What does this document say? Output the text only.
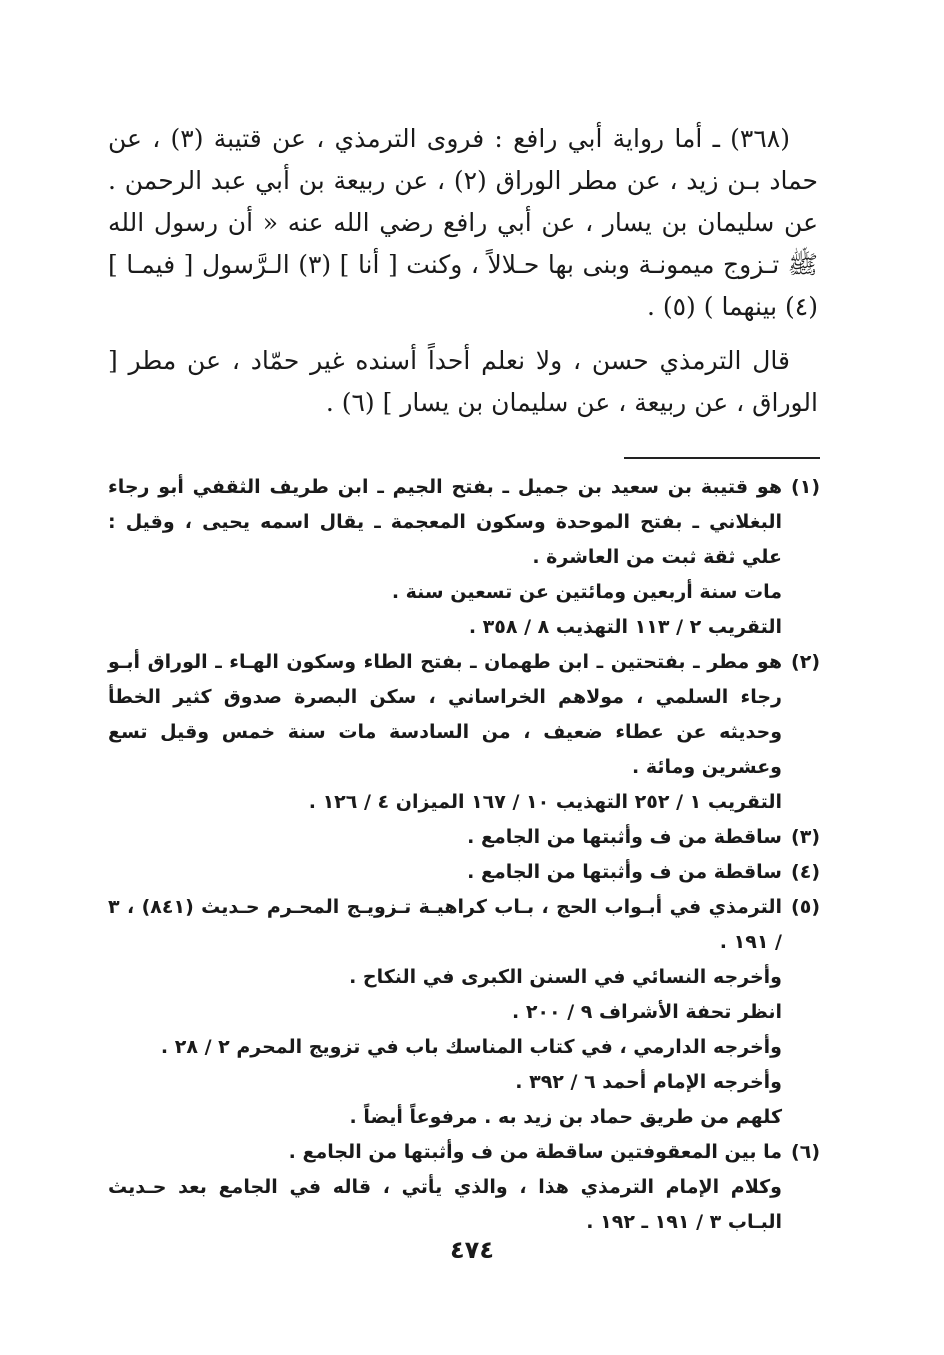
(٣٦٨) ـ أما رواية أبي رافع : فروى الترمذي ، عن قتيبة (٣) ، عن حماد بـن زيد ، عن مطر الوراق (٢) ، عن ربيعة بن أبي عبد الرحمن . عن سليمان بن يسار ، عن أبي رافع رضي الله عنه « أن رسول الله ﷺ تـزوج ميمونـة وبنى بها حـلالاً ، وكنت [ أنا ] (٣) الـرَّسول [ فيمـا ] (٤) بينهما ) (٥) .

قال الترمذي حسن ، ولا نعلم أحداً أسنده غير حمّاد ، عن مطر [ الوراق ، عن ربيعة ، عن سليمان بن يسار ] (٦) .

(١)
هو قتيبة بن سعيد بن جميل ـ بفتح الجيم ـ ابن طريف الثقفي أبو رجاء البغلاني ـ بفتح الموحدة وسكون المعجمة ـ يقال اسمه يحيى ، وقيل : علي ثقة ثبت من العاشرة .
مات سنة أربعين ومائتين عن تسعين سنة .
التقريب ٢ / ١١٣ التهذيب ٨ / ٣٥٨ .
(٢)
هو مطر ـ بفتحتين ـ ابن طهمان ـ بفتح الطاء وسكون الهـاء ـ الوراق أبـو رجاء السلمي ، مولاهم الخراساني ، سكن البصرة صدوق كثير الخطأ وحديثه عن عطاء ضعيف ، من السادسة مات سنة خمس وقيل تسع وعشرين ومائة .
التقريب ١ / ٢٥٢ التهذيب ١٠ / ١٦٧ الميزان ٤ / ١٢٦ .
(٣)
ساقطة من ف وأثبتها من الجامع .
(٤)
ساقطة من ف وأثبتها من الجامع .
(٥)
الترمذي في أبـواب الحج ، بـاب كراهيـة تـزويـج المحـرم حـديث (٨٤١) ، ٣ / ١٩١ .
وأخرجه النسائي في السنن الكبرى في النكاح .
انظر تحفة الأشراف ٩ / ٢٠٠ .
وأخرجه الدارمي ، في كتاب المناسك باب في تزويج المحرم ٢ / ٢٨ .
وأخرجه الإمام أحمد ٦ / ٣٩٢ .
كلهم من طريق حماد بن زيد به . مرفوعاً أيضاً .
(٦)
ما بين المعقوفتين ساقطة من ف وأثبتها من الجامع .
وكلام الإمام الترمذي هذا ، والذي يأتي ، قاله في الجامع بعد حـديث البـاب ٣ / ١٩١ ـ ١٩٢ .
٤٧٤
